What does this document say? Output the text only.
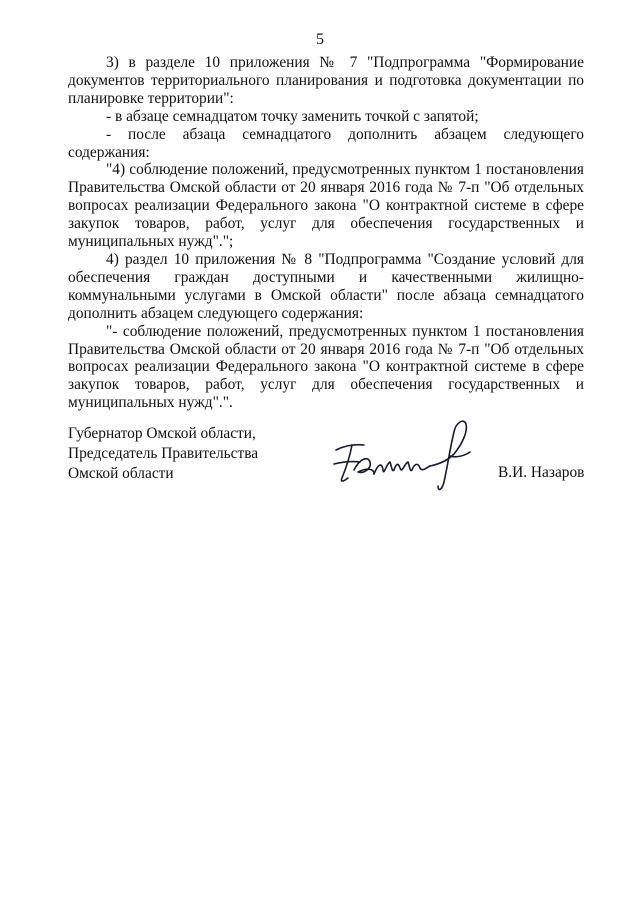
5

3) в разделе 10 приложения № 7 "Подпрограмма "Формирование документов территориального планирования и подготовка документации по планировке территории":

- в абзаце семнадцатом точку заменить точкой с запятой;

- после абзаца семнадцатого дополнить абзацем следующего содержания:

"4) соблюдение положений, предусмотренных пунктом 1 постановления Правительства Омской области от 20 января 2016 года № 7-п "Об отдельных вопросах реализации Федерального закона "О контрактной системе в сфере закупок товаров, работ, услуг для обеспечения государственных и муниципальных нужд".";

4) раздел 10 приложения № 8 "Подпрограмма "Создание условий для обеспечения граждан доступными и качественными жилищно-коммунальными услугами в Омской области" после абзаца семнадцатого дополнить абзацем следующего содержания:

"- соблюдение положений, предусмотренных пунктом 1 постановления Правительства Омской области от 20 января 2016 года № 7-п "Об отдельных вопросах реализации Федерального закона "О контрактной системе в сфере закупок товаров, работ, услуг для обеспечения государственных и муниципальных нужд".".

Губернатор Омской области,
Председатель Правительства
Омской области	В.И. Назаров
